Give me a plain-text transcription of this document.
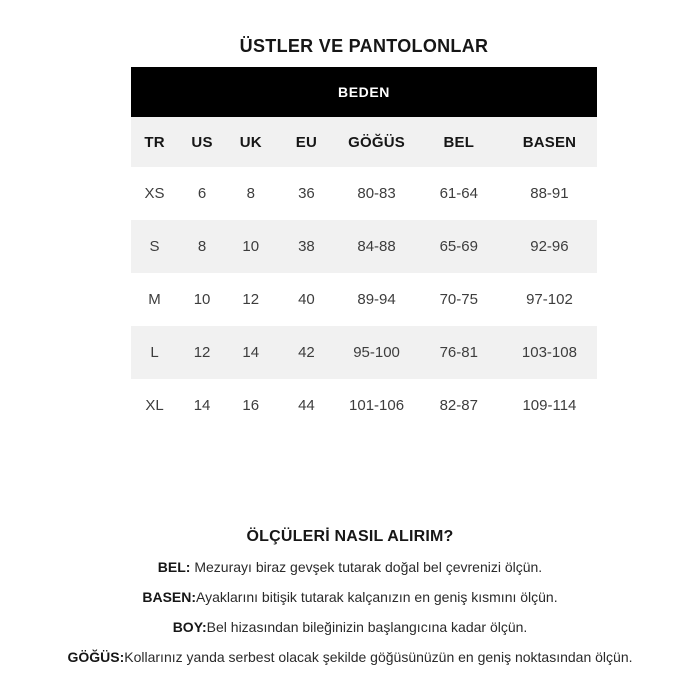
ÜSTLER VE PANTOLONLAR
BEDEN
TR	US	UK	EU	GÖĞÜS	BEL	BASEN
XS	6	8	36	80-83	61-64	88-91
S	8	10	38	84-88	65-69	92-96
M	10	12	40	89-94	70-75	97-102
L	12	14	42	95-100	76-81	103-108
XL	14	16	44	101-106	82-87	109-114
ÖLÇÜLERİ NASIL ALIRIM?

BEL: Mezurayı biraz gevşek tutarak doğal bel çevrenizi ölçün.

BASEN:Ayaklarını bitişik tutarak kalçanızın en geniş kısmını ölçün.

BOY:Bel hizasından bileğinizin başlangıcına kadar ölçün.

GÖĞÜS:Kollarınız yanda serbest olacak şekilde göğüsünüzün en geniş noktasından ölçün.
